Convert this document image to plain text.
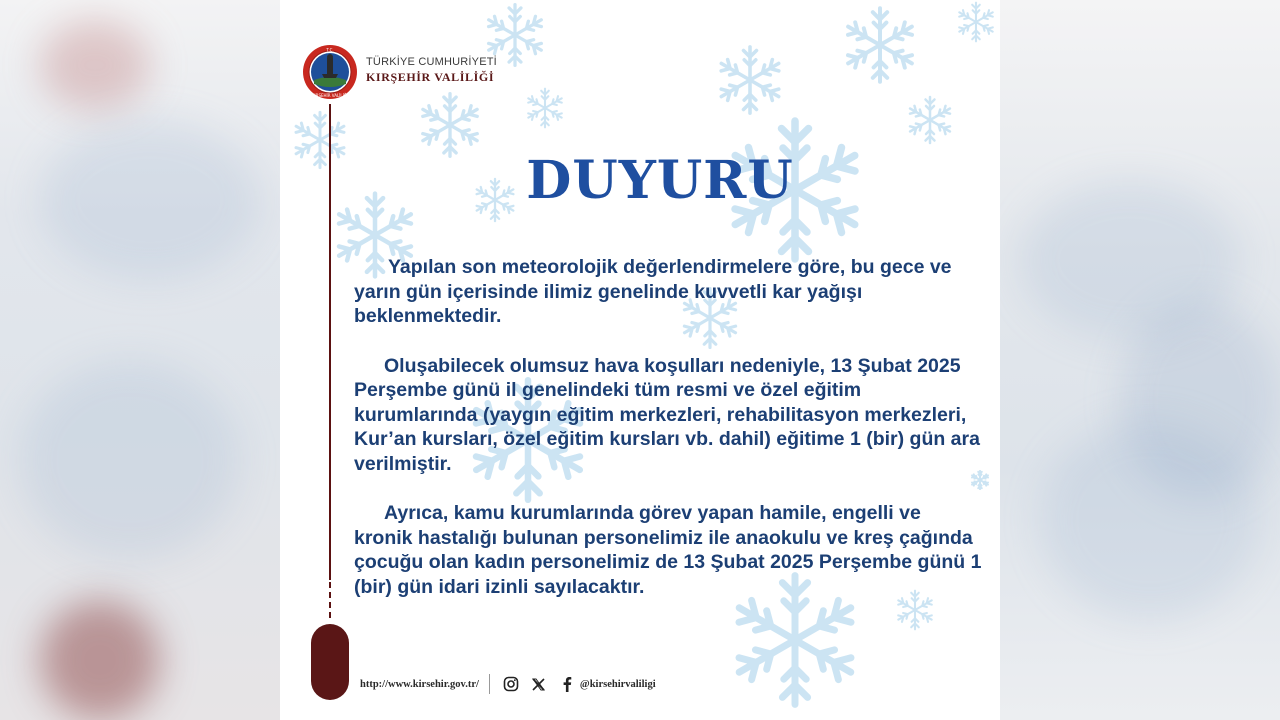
T.C.
KIRŞEHİR VALİLİĞİ
TÜRKİYE CUMHURİYETİ
KIRŞEHİR VALİLİĞİ
DUYURU

Yapılan son meteorolojik değerlendirmelere göre, bu gece ve yarın gün içerisinde ilimiz genelinde kuvvetli kar yağışı beklenmektedir.

Oluşabilecek olumsuz hava koşulları nedeniyle, 13 Şubat 2025 Perşembe günü il genelindeki tüm resmi ve özel eğitim kurumlarında (yaygın eğitim merkezleri, rehabilitasyon merkezleri, Kur’an kursları, özel eğitim kursları vb. dahil) eğitime 1 (bir) gün ara verilmiştir.

Ayrıca, kamu kurumlarında görev yapan hamile, engelli ve kronik hastalığı bulunan personelimiz ile anaokulu ve kreş çağında çocuğu olan kadın personelimiz de 13 Şubat 2025 Perşembe günü 1 (bir) gün idari izinli sayılacaktır.

http://www.kirsehir.gov.tr/	@kirsehirvaliligi
